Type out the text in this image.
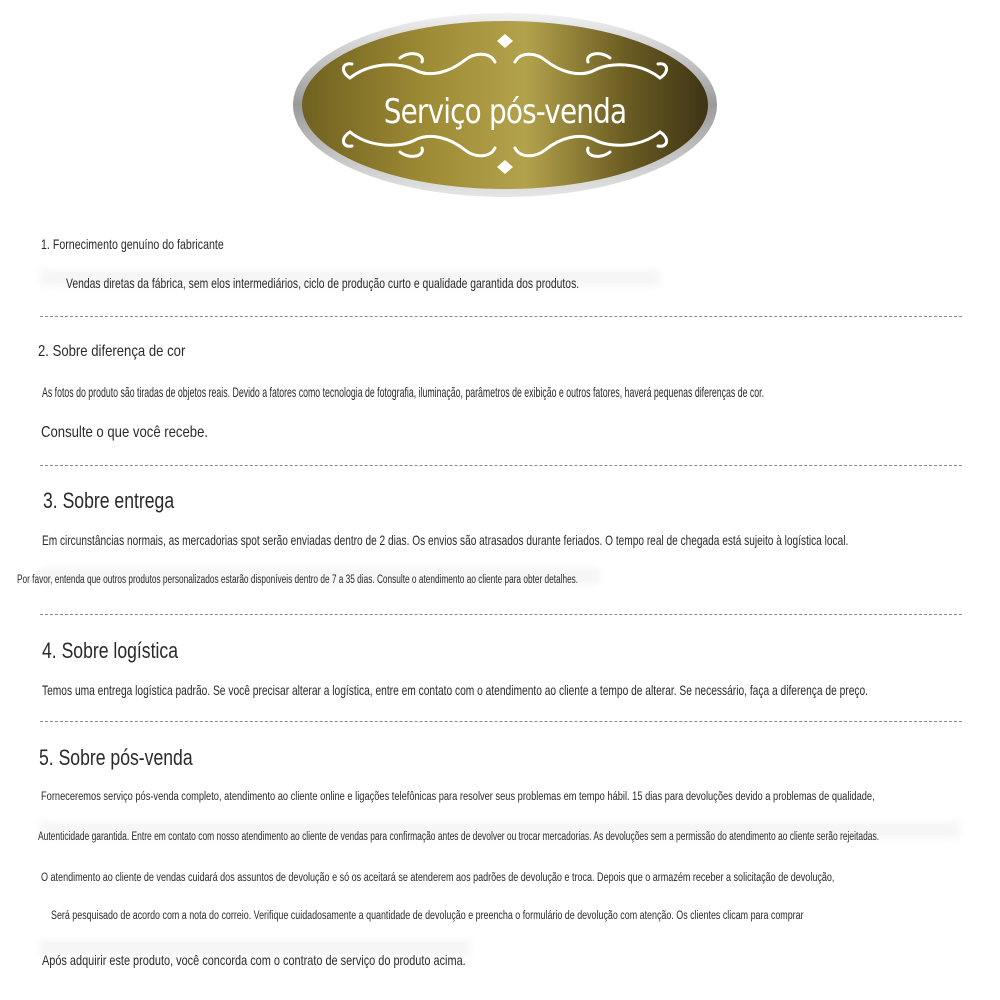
Serviço pós-venda
1. Fornecimento genuíno do fabricante
Vendas diretas da fábrica, sem elos intermediários, ciclo de produção curto e qualidade garantida dos produtos.
2. Sobre diferença de cor
As fotos do produto são tiradas de objetos reais. Devido a fatores como tecnologia de fotografia, iluminação, parâmetros de exibição e outros fatores, haverá pequenas diferenças de cor.
Consulte o que você recebe.
3. Sobre entrega
Em circunstâncias normais, as mercadorias spot serão enviadas dentro de 2 dias. Os envios são atrasados durante feriados. O tempo real de chegada está sujeito à logística local.
Por favor, entenda que outros produtos personalizados estarão disponíveis dentro de 7 a 35 dias. Consulte o atendimento ao cliente para obter detalhes.
4. Sobre logística
Temos uma entrega logística padrão. Se você precisar alterar a logística, entre em contato com o atendimento ao cliente a tempo de alterar. Se necessário, faça a diferença de preço.
5. Sobre pós-venda
Forneceremos serviço pós-venda completo, atendimento ao cliente online e ligações telefônicas para resolver seus problemas em tempo hábil. 15 dias para devoluções devido a problemas de qualidade,
Autenticidade garantida. Entre em contato com nosso atendimento ao cliente de vendas para confirmação antes de devolver ou trocar mercadorias. As devoluções sem a permissão do atendimento ao cliente serão rejeitadas.
O atendimento ao cliente de vendas cuidará dos assuntos de devolução e só os aceitará se atenderem aos padrões de devolução e troca. Depois que o armazém receber a solicitação de devolução,
Será pesquisado de acordo com a nota do correio. Verifique cuidadosamente a quantidade de devolução e preencha o formulário de devolução com atenção. Os clientes clicam para comprar
Após adquirir este produto, você concorda com o contrato de serviço do produto acima.
